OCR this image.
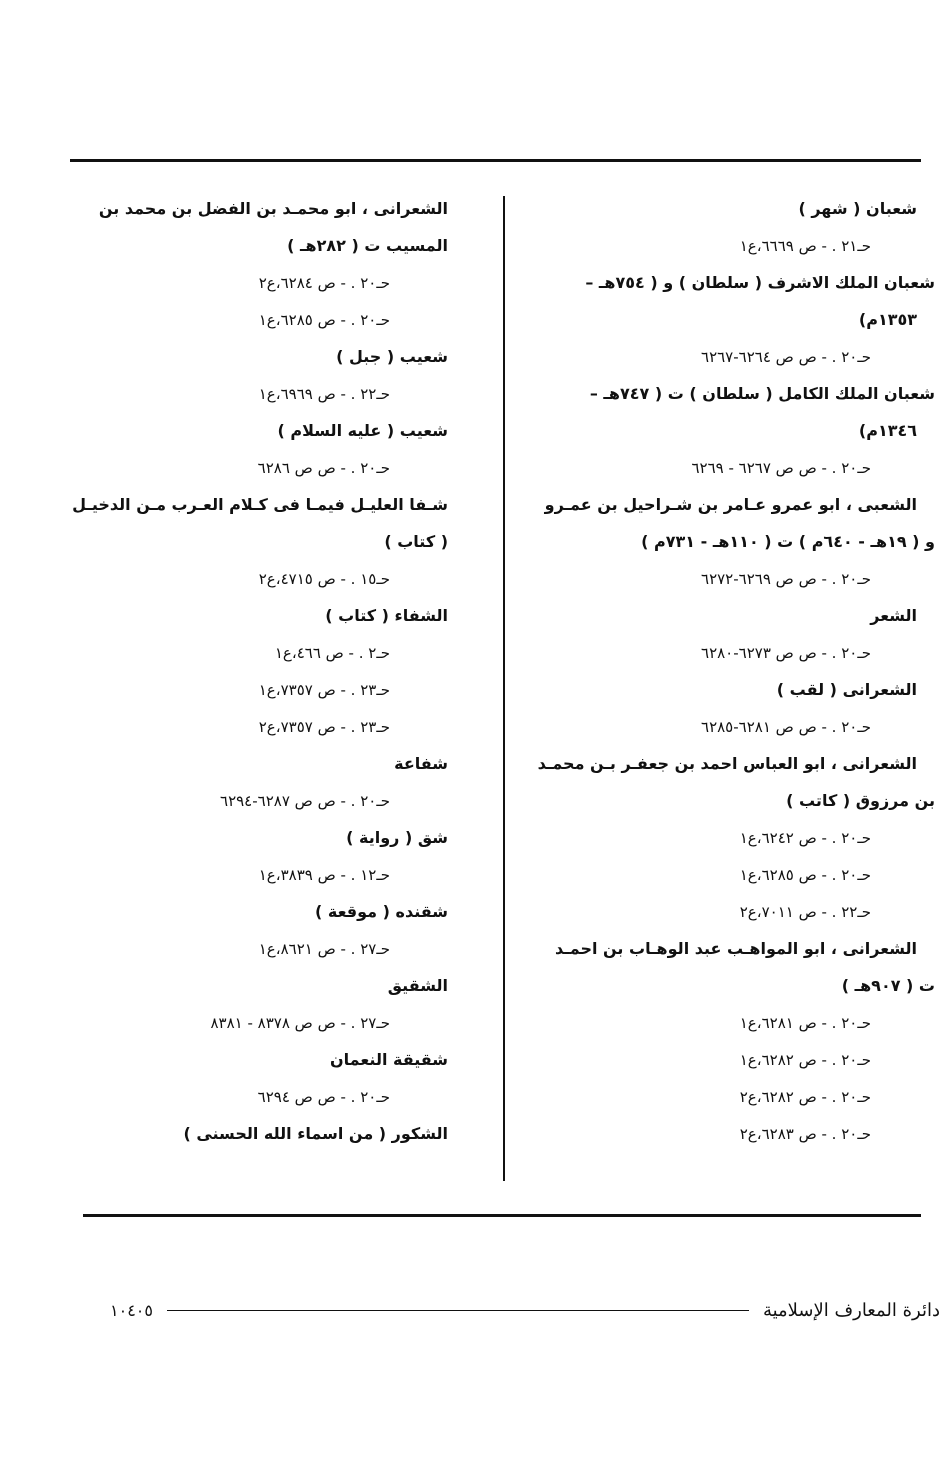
شعبان ( شهر )
حـ٢١ . - ص ٦٦٦٩،ع١
شعبان الملك الاشرف ( سلطان ) و ( ٧٥٤هـ –
١٣٥٣م)
حـ٢٠ . - ص ص ٦٢٦٤-٦٢٦٧
شعبان الملك الكامل ( سلطان ) ت ( ٧٤٧هـ –
١٣٤٦م)
حـ٢٠ . - ص ص ٦٢٦٧ - ٦٢٦٩
الشعبى ، ابو عمرو عـامر بن شـراحيل بن عمـرو
و ( ١٩هـ - ٦٤٠م ) ت ( ١١٠هـ - ٧٣١م )
حـ٢٠ . - ص ص ٦٢٦٩-٦٢٧٢
الشعر
حـ٢٠ . - ص ص ٦٢٧٣-٦٢٨٠
الشعرانى ( لقب )
حـ٢٠ . - ص ص ٦٢٨١-٦٢٨٥
الشعرانى ، ابو العباس احمد بن جعفـر بـن محمـد
بن مرزوق ( كاتب )
حـ٢٠ . - ص ٦٢٤٢،ع١
حـ٢٠ . - ص ٦٢٨٥،ع١
حـ٢٢ . - ص ٧٠١١،ع٢
الشعرانى ، ابو المواهـب عبد الوهـاب بن احمـد
ت ( ٩٠٧هـ )
حـ٢٠ . - ص ٦٢٨١،ع١
حـ٢٠ . - ص ٦٢٨٢،ع١
حـ٢٠ . - ص ٦٢٨٢،ع٢
حـ٢٠ . - ص ٦٢٨٣،ع٢
الشعرانى ، ابو محمـد بن الفضل بن محمد بن
المسيب ت ( ٢٨٢هـ )
حـ٢٠ . - ص ٦٢٨٤،ع٢
حـ٢٠ . - ص ٦٢٨٥،ع١
شعيب ( جبل )
حـ٢٢ . - ص ٦٩٦٩،ع١
شعيب ( عليه السلام )
حـ٢٠ . - ص ص ٦٢٨٦
شـفا العليـل فيمـا فى كـلام العـرب مـن الدخيـل
( كتاب )
حـ١٥ . - ص ٤٧١٥،ع٢
الشفاء ( كتاب )
حـ٢ . - ص ٤٦٦،ع١
حـ٢٣ . - ص ٧٣٥٧،ع١
حـ٢٣ . - ص ٧٣٥٧،ع٢
شفاعة
حـ٢٠ . - ص ص ٦٢٨٧-٦٢٩٤
شق ( رواية )
حـ١٢ . - ص ٣٨٣٩،ع١
شقنده ( موقعة )
حـ٢٧ . - ص ٨٦٢١،ع١
الشقيق
حـ٢٧ . - ص ص ٨٣٧٨ - ٨٣٨١
شقيقة النعمان
حـ٢٠ . - ص ص ٦٢٩٤
الشكور ( من اسماء الله الحسنى )
دائرة المعارف الإسلامية
١٠٤٠٥
